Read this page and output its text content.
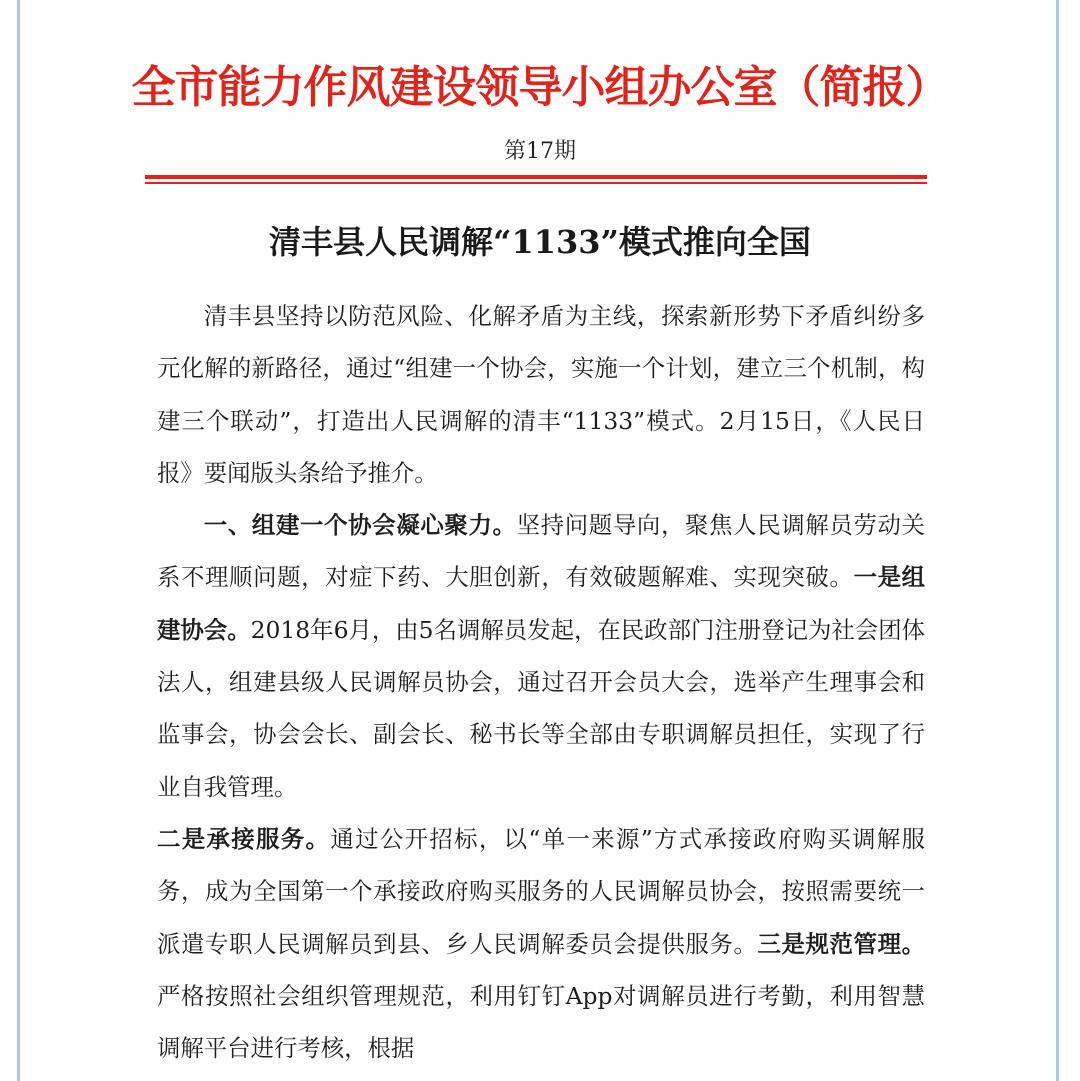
全市能力作风建设领导小组办公室（简报）
第17期
清丰县人民调解“1133”模式推向全国

清丰县坚持以防范风险、化解矛盾为主线，探索新形势下矛盾纠纷多元化解的新路径，通过“组建一个协会，实施一个计划，建立三个机制，构建三个联动”，打造出人民调解的清丰“1133”模式。2月15日，《人民日报》要闻版头条给予推介。

一、组建一个协会凝心聚力。坚持问题导向，聚焦人民调解员劳动关系不理顺问题，对症下药、大胆创新，有效破题解难、实现突破。一是组建协会。2018年6月，由5名调解员发起，在民政部门注册登记为社会团体法人，组建县级人民调解员协会，通过召开会员大会，选举产生理事会和监事会，协会会长、副会长、秘书长等全部由专职调解员担任，实现了行业自我管理。

二是承接服务。通过公开招标，以“单一来源”方式承接政府购买调解服务，成为全国第一个承接政府购买服务的人民调解员协会，按照需要统一派遣专职人民调解员到县、乡人民调解委员会提供服务。三是规范管理。严格按照社会组织管理规范，利用钉钉App对调解员进行考勤，利用智慧调解平台进行考核，根据
